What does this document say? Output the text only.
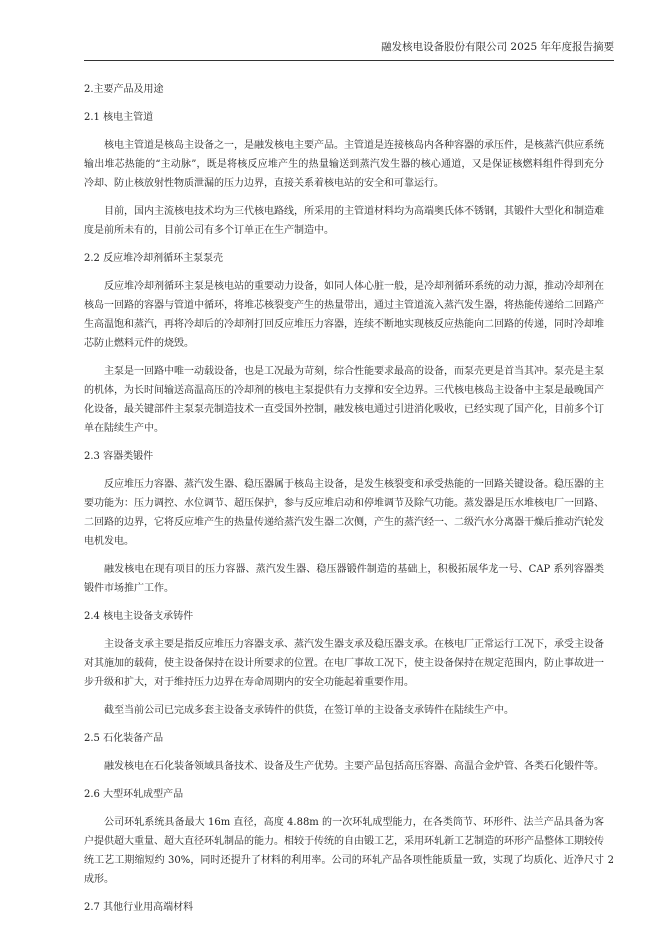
融发核电设备股份有限公司 2025 年年度报告摘要

2.主要产品及用途

2.1 核电主管道

核电主管道是核岛主设备之一，是融发核电主要产品。主管道是连接核岛内各种容器的承压件，是核蒸汽供应系统输出堆芯热能的“主动脉”，既是将核反应堆产生的热量输送到蒸汽发生器的核心通道，又是保证核燃料组件得到充分冷却、防止核放射性物质泄漏的压力边界，直接关系着核电站的安全和可靠运行。

目前，国内主流核电技术均为三代核电路线，所采用的主管道材料均为高端奥氏体不锈钢，其锻件大型化和制造难度是前所未有的，目前公司有多个订单正在生产制造中。

2.2 反应堆冷却剂循环主泵泵壳

反应堆冷却剂循环主泵是核电站的重要动力设备，如同人体心脏一般，是冷却剂循环系统的动力源，推动冷却剂在核岛一回路的容器与管道中循环，将堆芯核裂变产生的热量带出，通过主管道流入蒸汽发生器，将热能传递给二回路产生高温饱和蒸汽，再将冷却后的冷却剂打回反应堆压力容器，连续不断地实现核反应热能向二回路的传递，同时冷却堆芯防止燃料元件的烧毁。

主泵是一回路中唯一动载设备，也是工况最为苛刻，综合性能要求最高的设备，而泵壳更是首当其冲。泵壳是主泵的机体，为长时间输送高温高压的冷却剂的核电主泵提供有力支撑和安全边界。三代核电核岛主设备中主泵是最晚国产化设备，最关键部件主泵泵壳制造技术一直受国外控制，融发核电通过引进消化吸收，已经实现了国产化，目前多个订单在陆续生产中。

2.3 容器类锻件

反应堆压力容器、蒸汽发生器、稳压器属于核岛主设备，是发生核裂变和承受热能的一回路关键设备。稳压器的主要功能为：压力调控、水位调节、超压保护，参与反应堆启动和停堆调节及除气功能。蒸发器是压水堆核电厂一回路、二回路的边界，它将反应堆产生的热量传递给蒸汽发生器二次侧，产生的蒸汽经一、二级汽水分离器干燥后推动汽轮发电机发电。

融发核电在现有项目的压力容器、蒸汽发生器、稳压器锻件制造的基础上，积极拓展华龙一号、CAP 系列容器类锻件市场推广工作。

2.4 核电主设备支承铸件

主设备支承主要是指反应堆压力容器支承、蒸汽发生器支承及稳压器支承。在核电厂正常运行工况下，承受主设备对其施加的载荷，使主设备保持在设计所要求的位置。在电厂事故工况下，使主设备保持在规定范围内，防止事故进一步升级和扩大，对于维持压力边界在寿命周期内的安全功能起着重要作用。

截至当前公司已完成多套主设备支承铸件的供货，在签订单的主设备支承铸件在陆续生产中。

2.5 石化装备产品

融发核电在石化装备领域具备技术、设备及生产优势。主要产品包括高压容器、高温合金炉管、各类石化锻件等。

2.6 大型环轧成型产品

公司环轧系统具备最大 16m 直径，高度 4.88m 的一次环轧成型能力，在各类筒节、环形件、法兰产品具备为客户提供超大重量、超大直径环轧制品的能力。相较于传统的自由锻工艺，采用环轧新工艺制造的环形产品整体工期较传统工艺工期缩短约 30%，同时还提升了材料的利用率。公司的环轧产品各项性能质量一致，实现了均质化、近净尺寸成形。

2.7 其他行业用高端材料

2
